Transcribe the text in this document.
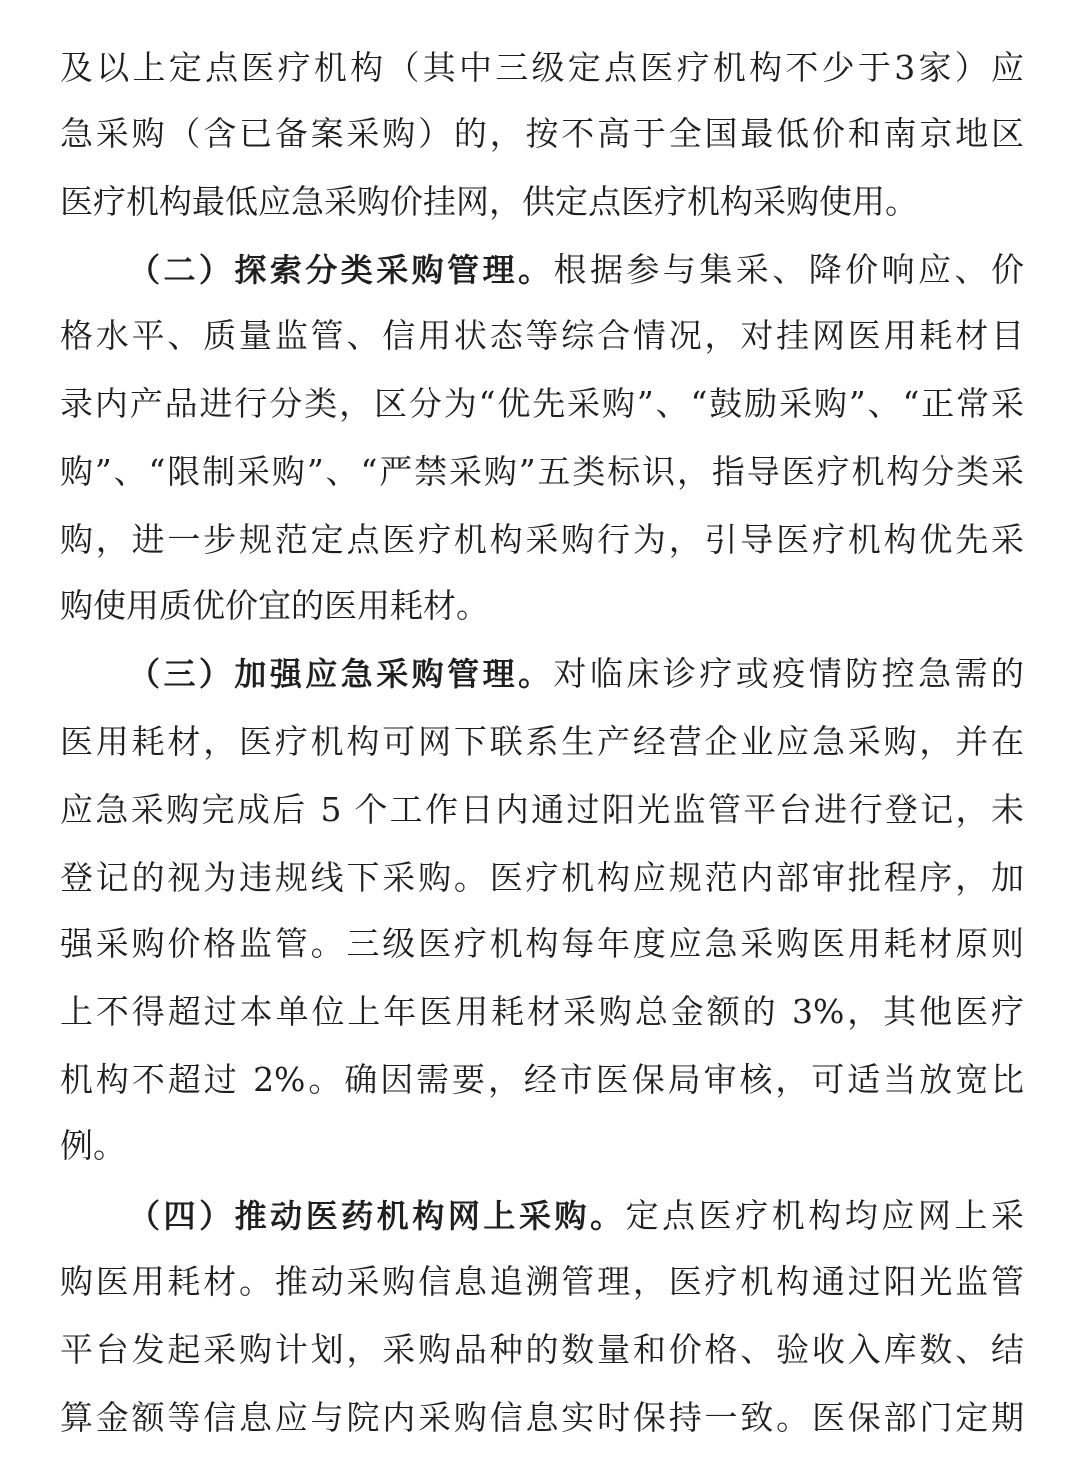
及以上定点医疗机构（其中三级定点医疗机构不少于3家）应
急采购（含已备案采购）的，按不高于全国最低价和南京地区
医疗机构最低应急采购价挂网，供定点医疗机构采购使用。
（二）探索分类采购管理。根据参与集采、降价响应、价
格水平、质量监管、信用状态等综合情况，对挂网医用耗材目
录内产品进行分类，区分为“优先采购”、“鼓励采购”、“正常采
购”、“限制采购”、“严禁采购”五类标识，指导医疗机构分类采
购，进一步规范定点医疗机构采购行为，引导医疗机构优先采
购使用质优价宜的医用耗材。
（三）加强应急采购管理。对临床诊疗或疫情防控急需的
医用耗材，医疗机构可网下联系生产经营企业应急采购，并在
应急采购完成后 5 个工作日内通过阳光监管平台进行登记，未
登记的视为违规线下采购。医疗机构应规范内部审批程序，加
强采购价格监管。三级医疗机构每年度应急采购医用耗材原则
上不得超过本单位上年医用耗材采购总金额的 3%，其他医疗
机构不超过 2%。确因需要，经市医保局审核，可适当放宽比
例。
（四）推动医药机构网上采购。定点医疗机构均应网上采
购医用耗材。推动采购信息追溯管理，医疗机构通过阳光监管
平台发起采购计划，采购品种的数量和价格、验收入库数、结
算金额等信息应与院内采购信息实时保持一致。医保部门定期
